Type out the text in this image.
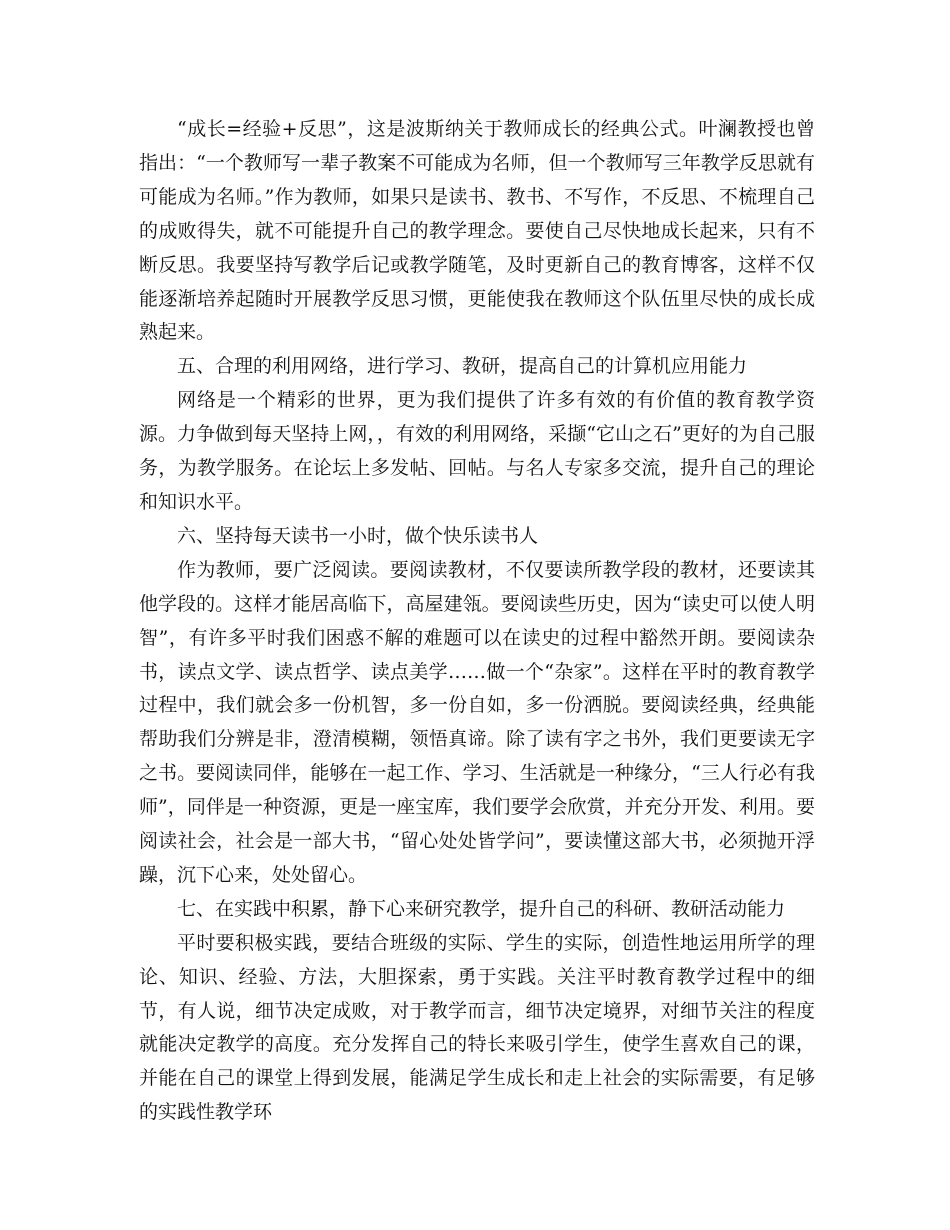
“成长=经验+反思”，这是波斯纳关于教师成长的经典公式。叶澜教授也曾指出：“一个教师写一辈子教案不可能成为名师，但一个教师写三年教学反思就有可能成为名师。”作为教师，如果只是读书、教书、不写作，不反思、不梳理自己的成败得失，就不可能提升自己的教学理念。要使自己尽快地成长起来，只有不断反思。我要坚持写教学后记或教学随笔，及时更新自己的教育博客，这样不仅能逐渐培养起随时开展教学反思习惯，更能使我在教师这个队伍里尽快的成长成熟起来。

五、合理的利用网络，进行学习、教研，提高自己的计算机应用能力

网络是一个精彩的世界，更为我们提供了许多有效的有价值的教育教学资源。力争做到每天坚持上网，，有效的利用网络，采撷“它山之石”更好的为自己服务，为教学服务。在论坛上多发帖、回帖。与名人专家多交流，提升自己的理论和知识水平。

六、坚持每天读书一小时，做个快乐读书人

作为教师，要广泛阅读。要阅读教材，不仅要读所教学段的教材，还要读其他学段的。这样才能居高临下，高屋建瓴。要阅读些历史，因为“读史可以使人明智”，有许多平时我们困惑不解的难题可以在读史的过程中豁然开朗。要阅读杂书，读点文学、读点哲学、读点美学……做一个“杂家”。这样在平时的教育教学过程中，我们就会多一份机智，多一份自如，多一份洒脱。要阅读经典，经典能帮助我们分辨是非，澄清模糊，领悟真谛。除了读有字之书外，我们更要读无字之书。要阅读同伴，能够在一起工作、学习、生活就是一种缘分，“三人行必有我师”，同伴是一种资源，更是一座宝库，我们要学会欣赏，并充分开发、利用。要阅读社会，社会是一部大书，“留心处处皆学问”，要读懂这部大书，必须抛开浮躁，沉下心来，处处留心。

七、在实践中积累，静下心来研究教学，提升自己的科研、教研活动能力

平时要积极实践，要结合班级的实际、学生的实际，创造性地运用所学的理论、知识、经验、方法，大胆探索，勇于实践。关注平时教育教学过程中的细节，有人说，细节决定成败，对于教学而言，细节决定境界，对细节关注的程度就能决定教学的高度。充分发挥自己的特长来吸引学生，使学生喜欢自己的课，并能在自己的课堂上得到发展，能满足学生成长和走上社会的实际需要，有足够的实践性教学环
